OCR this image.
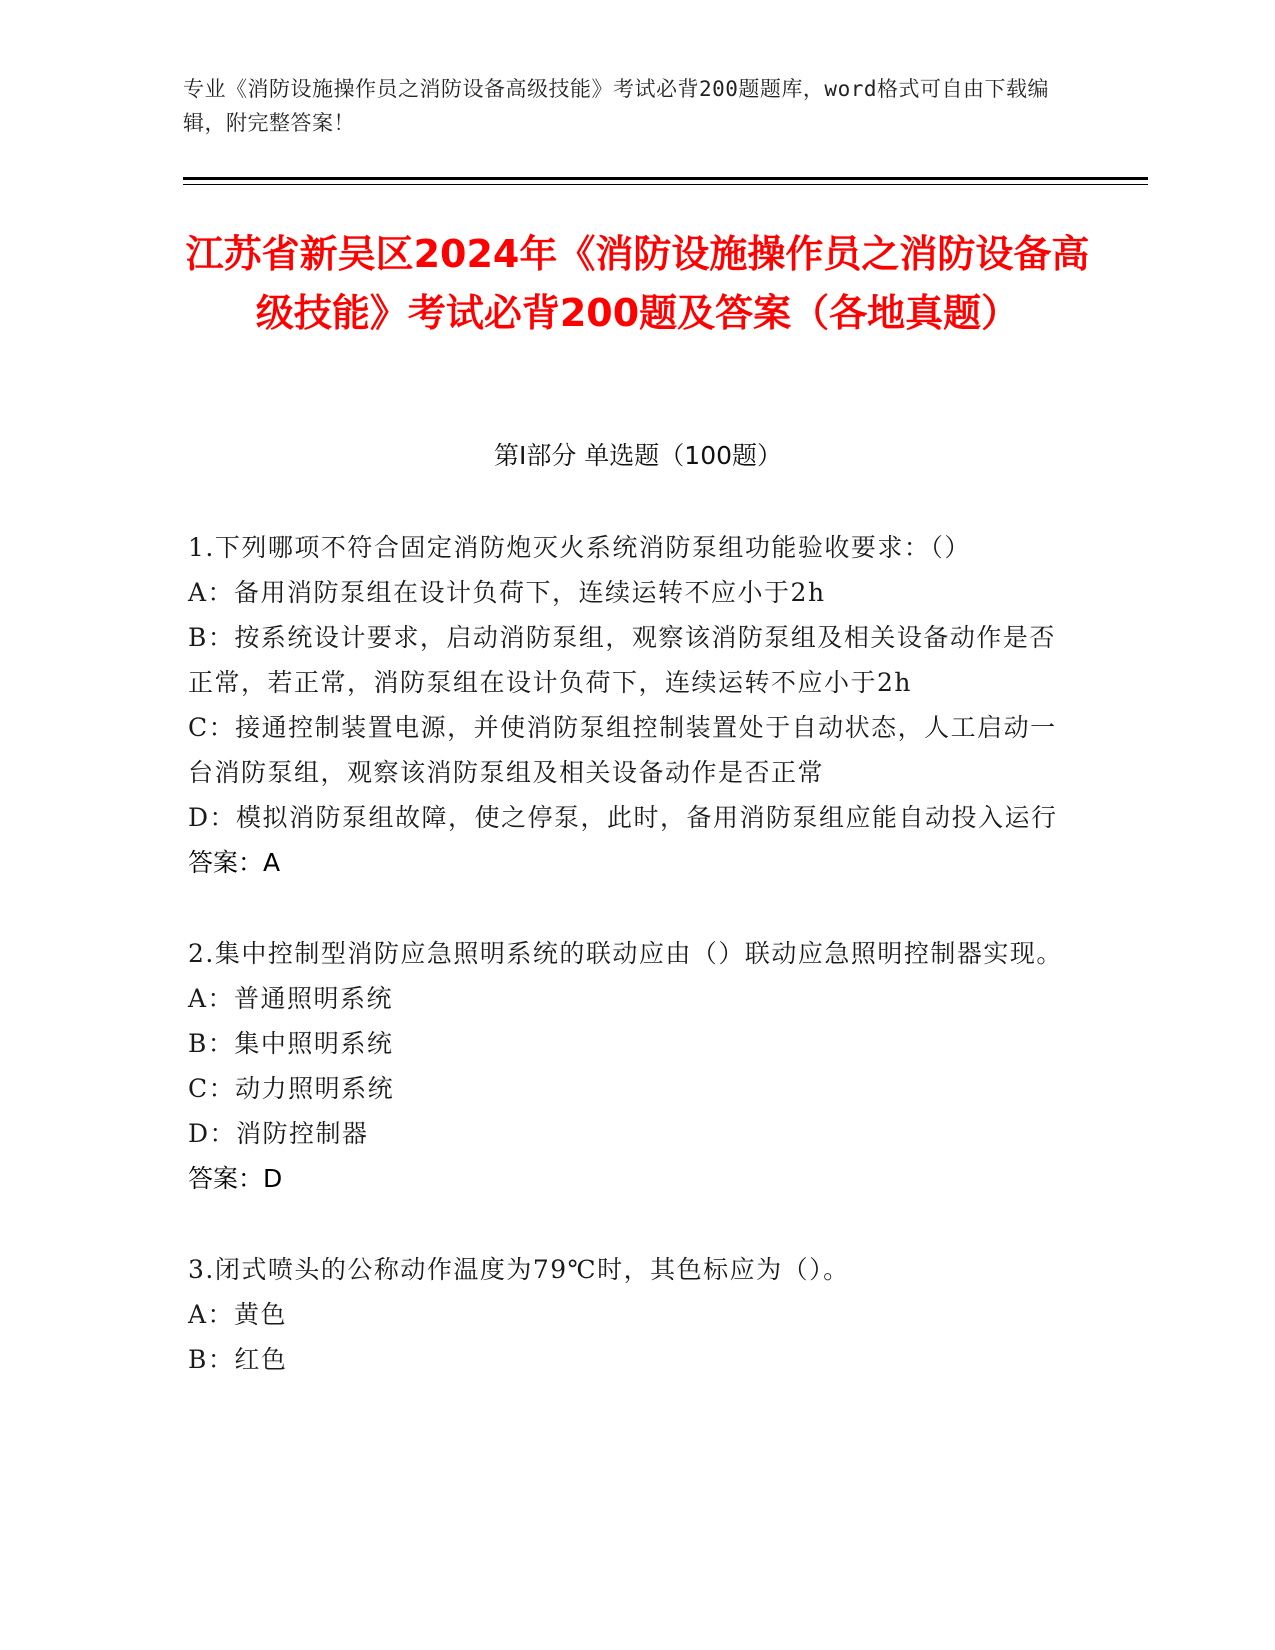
专业《消防设施操作员之消防设备高级技能》考试必背200题题库，word格式可自由下载编辑，附完整答案！
江苏省新吴区2024年《消防设施操作员之消防设备高级技能》考试必背200题及答案（各地真题）
第Ⅰ部分 单选题（100题）
1.下列哪项不符合固定消防炮灭火系统消防泵组功能验收要求：（）
A：备用消防泵组在设计负荷下，连续运转不应小于2h
B：按系统设计要求，启动消防泵组，观察该消防泵组及相关设备动作是否正常，若正常，消防泵组在设计负荷下，连续运转不应小于2h
C：接通控制装置电源，并使消防泵组控制装置处于自动状态，人工启动一台消防泵组，观察该消防泵组及相关设备动作是否正常
D：模拟消防泵组故障，使之停泵，此时，备用消防泵组应能自动投入运行
答案：A
2.集中控制型消防应急照明系统的联动应由（）联动应急照明控制器实现。
A：普通照明系统
B：集中照明系统
C：动力照明系统
D：消防控制器
答案：D
3.闭式喷头的公称动作温度为79℃时，其色标应为（）。
A：黄色
B：红色
